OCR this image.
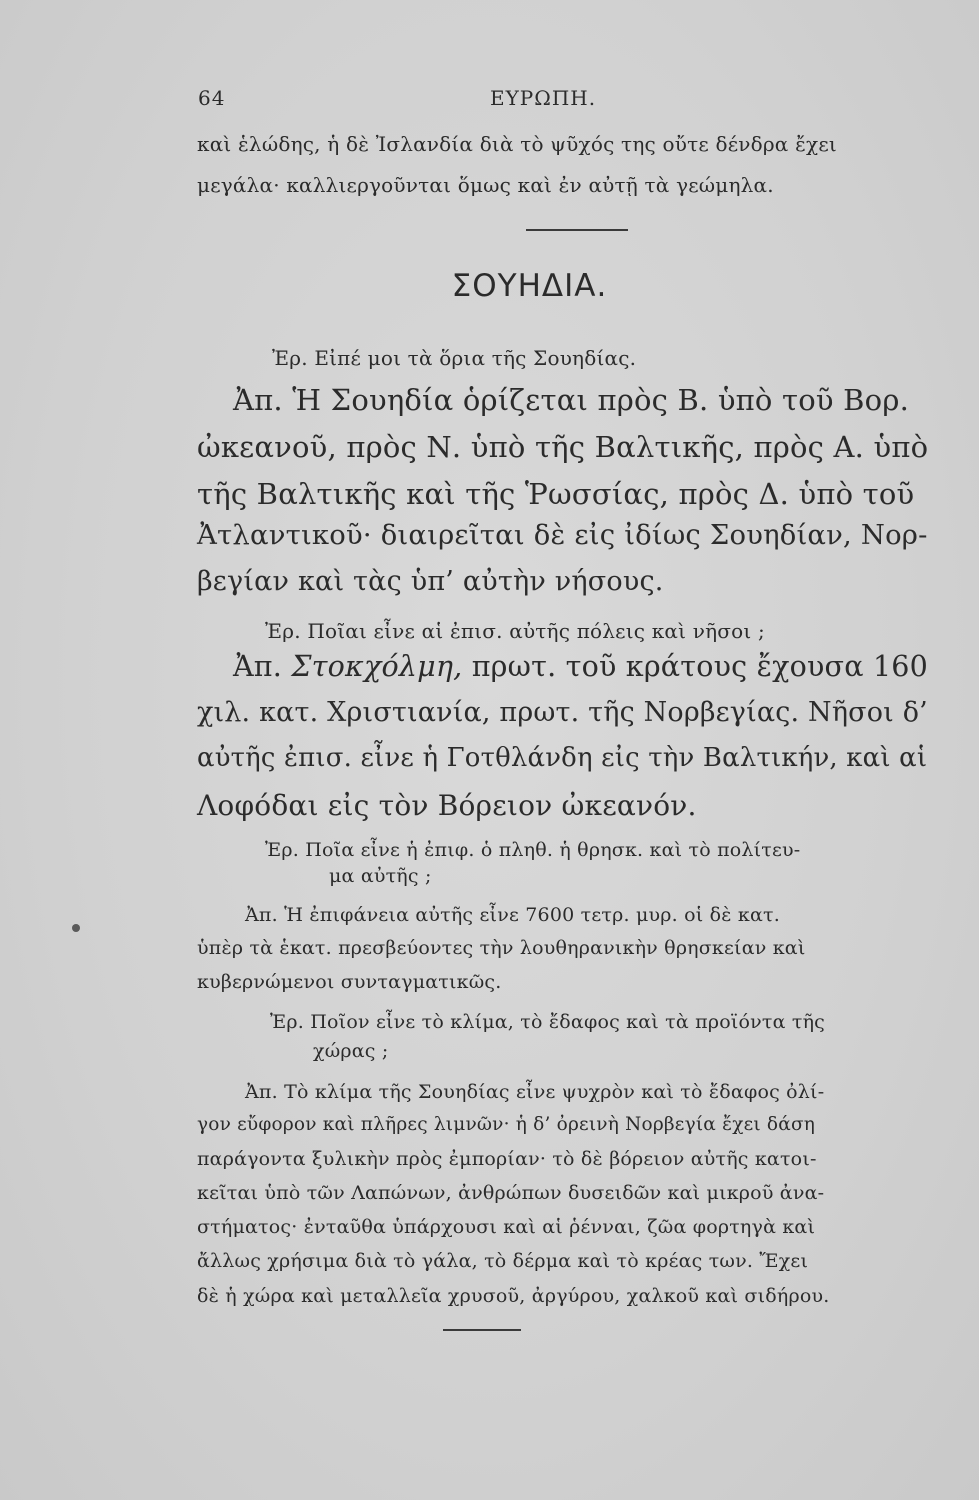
64	ΕΥΡΩΠΗ.
καὶ ἑλώδης, ἡ δὲ Ἰσλανδία διὰ τὸ ψῦχός της οὔτε δένδρα ἔχει
μεγάλα· καλλιεργοῦνται ὅμως καὶ ἐν αὐτῇ τὰ γεώμηλα.
ΣΟΥΗΔΙΑ.
Ἐρ. Εἰπέ μοι τὰ ὅρια τῆς Σουηδίας.
Ἀπ. Ἡ Σουηδία ὁρίζεται πρὸς Β. ὑπὸ τοῦ Βορ.
ὠκεανοῦ, πρὸς Ν. ὑπὸ τῆς Βαλτικῆς, πρὸς Α. ὑπὸ
τῆς Βαλτικῆς καὶ τῆς Ῥωσσίας, πρὸς Δ. ὑπὸ τοῦ
Ἀτλαντικοῦ· διαιρεῖται δὲ εἰς ἰδίως Σουηδίαν, Νορ-
βεγίαν καὶ τὰς ὑπ’ αὐτὴν νήσους.
Ἐρ. Ποῖαι εἶνε αἱ ἐπισ. αὐτῆς πόλεις καὶ νῆσοι ;
Ἀπ. Στοκχόλμη, πρωτ. τοῦ κράτους ἔχουσα 160
χιλ. κατ. Χριστιανία, πρωτ. τῆς Νορβεγίας. Νῆσοι δ’
αὐτῆς ἐπισ. εἶνε ἡ Γοτθλάνδη εἰς τὴν Βαλτικήν, καὶ αἱ
Λοφόδαι εἰς τὸν Βόρειον ὠκεανόν.
Ἐρ. Ποῖα εἶνε ἡ ἐπιφ. ὁ πληθ. ἡ θρησκ. καὶ τὸ πολίτευ-
μα αὐτῆς ;
Ἀπ. Ἡ ἐπιφάνεια αὐτῆς εἶνε 7600 τετρ. μυρ. οἱ δὲ κατ.
ὑπὲρ τὰ ἑκατ. πρεσβεύοντες τὴν λουθηρανικὴν θρησκείαν καὶ
κυβερνώμενοι συνταγματικῶς.
Ἐρ. Ποῖον εἶνε τὸ κλίμα, τὸ ἔδαφος καὶ τὰ προϊόντα τῆς
χώρας ;
Ἀπ. Τὸ κλίμα τῆς Σουηδίας εἶνε ψυχρὸν καὶ τὸ ἔδαφος ὀλί-
γον εὔφορον καὶ πλῆρες λιμνῶν· ἡ δ’ ὀρεινὴ Νορβεγία ἔχει δάση
παράγοντα ξυλικὴν πρὸς ἐμπορίαν· τὸ δὲ βόρειον αὐτῆς κατοι-
κεῖται ὑπὸ τῶν Λαπώνων, ἀνθρώπων δυσειδῶν καὶ μικροῦ ἀνα-
στήματος· ἐνταῦθα ὑπάρχουσι καὶ αἱ ῥένναι, ζῶα φορτηγὰ καὶ
ἄλλως χρήσιμα διὰ τὸ γάλα, τὸ δέρμα καὶ τὸ κρέας των. Ἔχει
δὲ ἡ χώρα καὶ μεταλλεῖα χρυσοῦ, ἀργύρου, χαλκοῦ καὶ σιδήρου.
